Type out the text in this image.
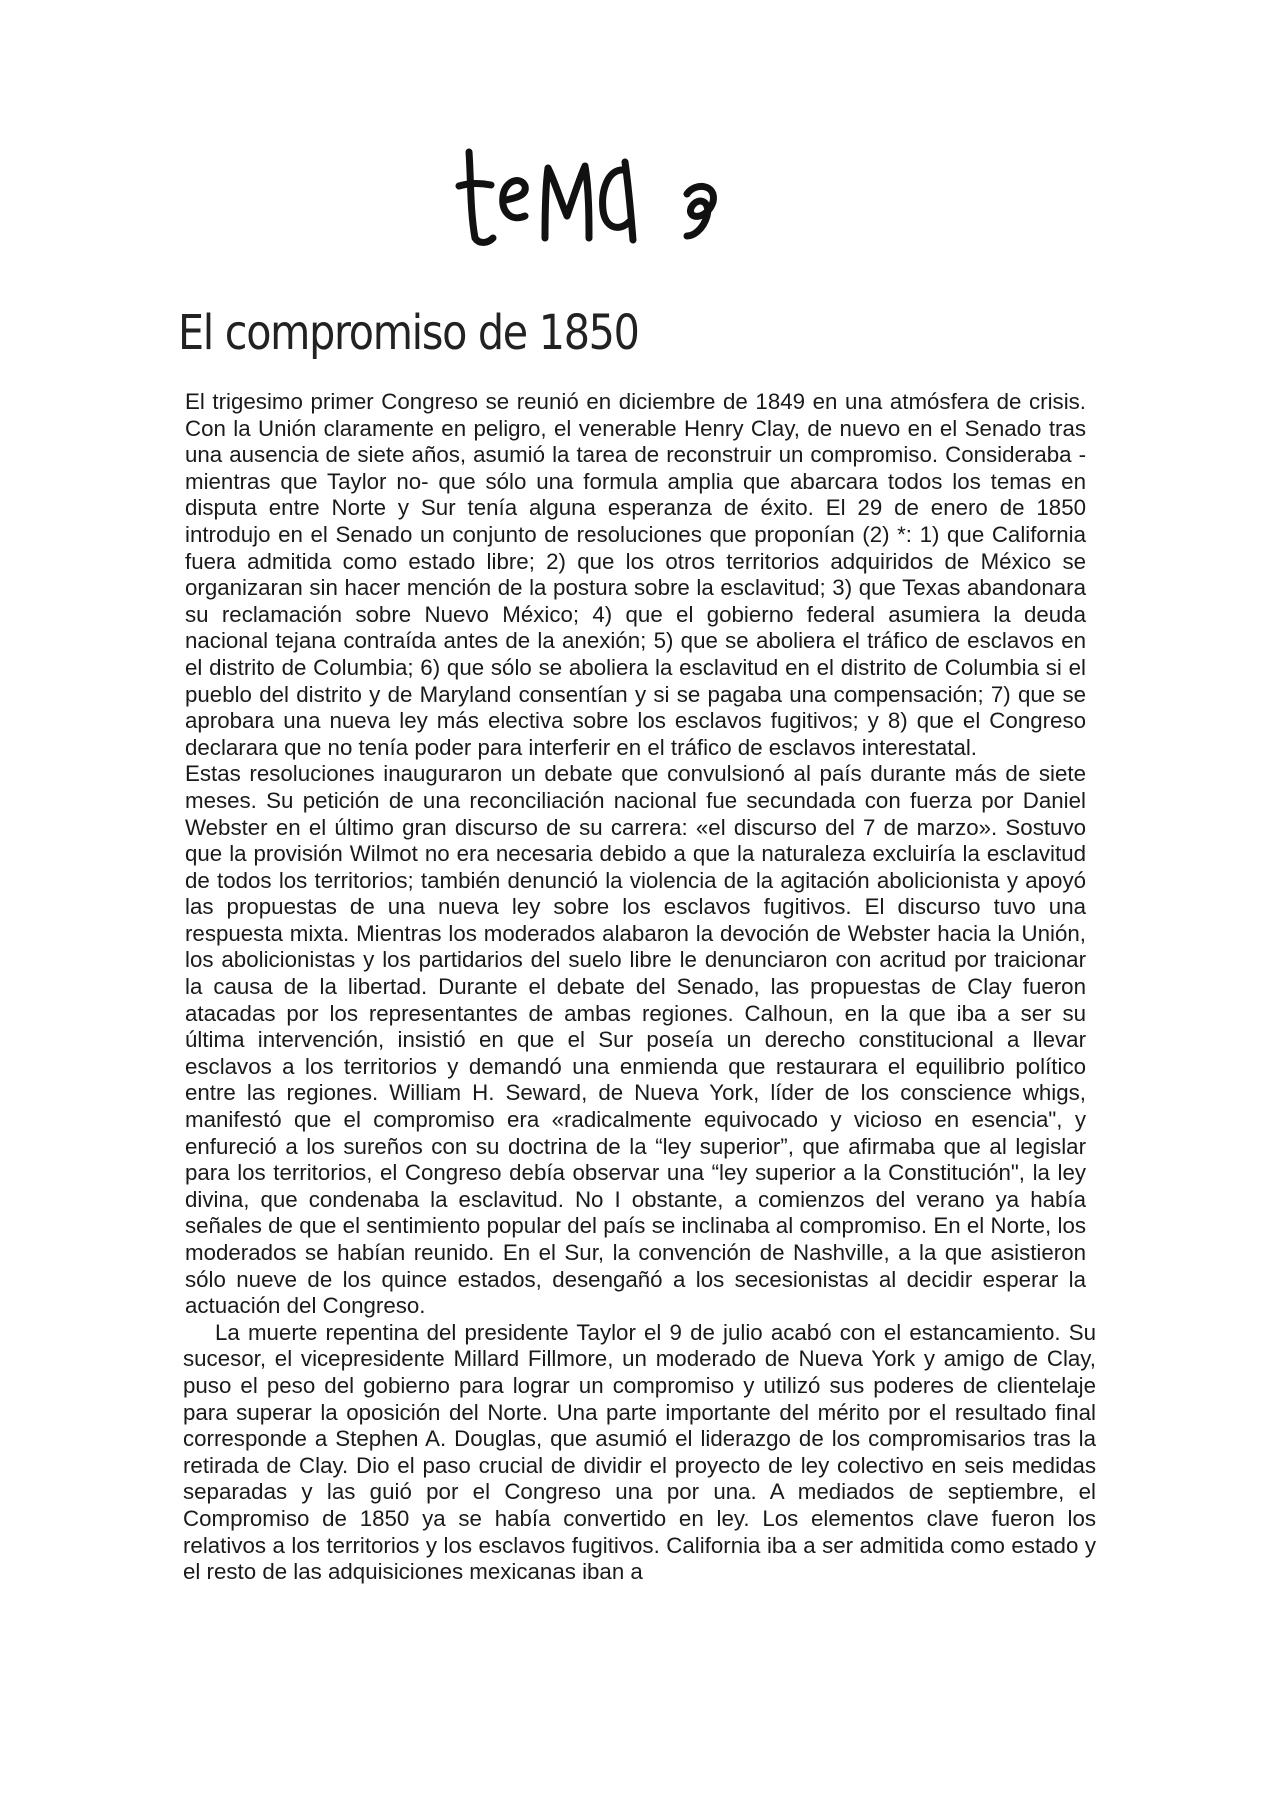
El compromiso de 1850

El trigesimo primer Congreso se reunió en diciembre de 1849 en una atmósfera de crisis. Con la Unión claramente en peligro, el venerable Henry Clay, de nuevo en el Senado tras una ausencia de siete años, asumió la tarea de reconstruir un compromiso. Consideraba -mientras que Taylor no- que sólo una formula amplia que abarcara todos los temas en disputa entre Norte y Sur tenía alguna esperanza de éxito. El 29 de enero de 1850 introdujo en el Senado un conjunto de resoluciones que proponían (2) *: 1) que California fuera admitida como estado libre; 2) que los otros territorios adquiridos de México se organizaran sin hacer mención de la postura sobre la esclavitud; 3) que Texas abandonara su reclamación sobre Nuevo México; 4) que el gobierno federal asumiera la deuda nacional tejana contraída antes de la anexión; 5) que se aboliera el tráfico de esclavos en el distrito de Columbia; 6) que sólo se aboliera la esclavitud en el distrito de Columbia si el pueblo del distrito y de Maryland consentían y si se pagaba una compensación; 7) que se aprobara una nueva ley más electiva sobre los esclavos fugitivos; y 8) que el Congreso declarara que no tenía poder para interferir en el tráfico de esclavos interestatal.

Estas resoluciones inauguraron un debate que convulsionó al país durante más de siete meses. Su petición de una reconciliación nacional fue secundada con fuerza por Daniel Webster en el último gran discurso de su carrera: «el discurso del 7 de marzo». Sostuvo que la provisión Wilmot no era necesaria debido a que la naturaleza excluiría la esclavitud de todos los territorios; también denunció la violencia de la agitación abolicionista y apoyó las propuestas de una nueva ley sobre los esclavos fugitivos. El discurso tuvo una respuesta mixta. Mientras los moderados alabaron la devoción de Webster hacia la Unión, los abolicionistas y los partidarios del suelo libre le denunciaron con acritud por traicionar la causa de la libertad. Durante el debate del Senado, las propuestas de Clay fueron atacadas por los representantes de ambas regiones. Calhoun, en la que iba a ser su última intervención, insistió en que el Sur poseía un derecho constitucional a llevar esclavos a los territorios y demandó una enmienda que restaurara el equilibrio político entre las regiones. William H. Seward, de Nueva York, líder de los conscience whigs, manifestó que el compromiso era «radicalmente equivocado y vicioso en esencia", y enfureció a los sureños con su doctrina de la “ley superior”, que afirmaba que al legislar para los territorios, el Congreso debía observar una “ley superior a la Constitución", la ley divina, que condenaba la esclavitud. No I obstante, a comienzos del verano ya había señales de que el sentimiento popular del país se inclinaba al compromiso. En el Norte, los moderados se habían reunido. En el Sur, la convención de Nashville, a la que asistieron sólo nueve de los quince estados, desengañó a los secesionistas al decidir esperar la actuación del Congreso.

La muerte repentina del presidente Taylor el 9 de julio acabó con el estancamiento. Su sucesor, el vicepresidente Millard Fillmore, un moderado de Nueva York y amigo de Clay, puso el peso del gobierno para lograr un compromiso y utilizó sus poderes de clientelaje para superar la oposición del Norte. Una parte importante del mérito por el resultado final corresponde a Stephen A. Douglas, que asumió el liderazgo de los compromisarios tras la retirada de Clay. Dio el paso crucial de dividir el proyecto de ley colectivo en seis medidas separadas y las guió por el Congreso una por una. A mediados de septiembre, el Compromiso de 1850 ya se había convertido en ley. Los elementos clave fueron los relativos a los territorios y los esclavos fugitivos. California iba a ser admitida como estado y el resto de las adquisiciones mexicanas iban a
